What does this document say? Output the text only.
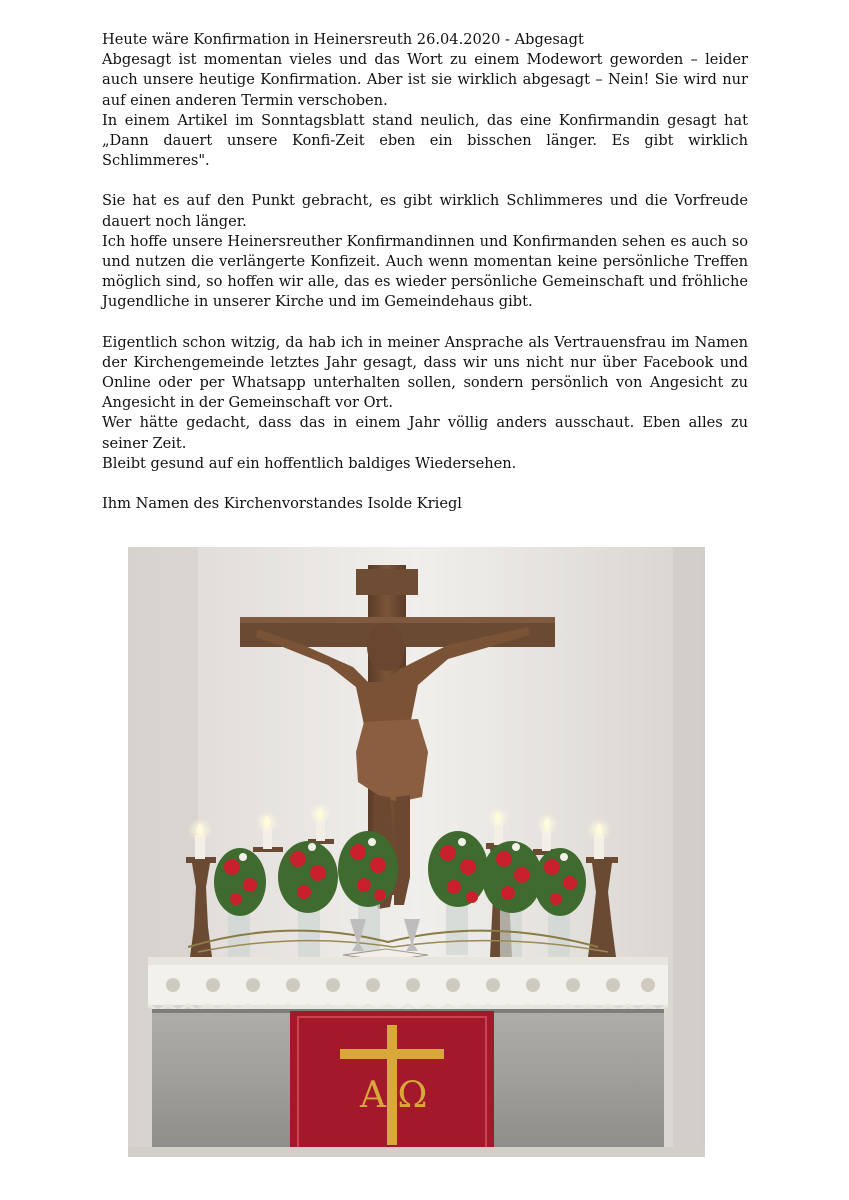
Heute wäre Konfirmation in Heinersreuth 26.04.2020 - Abgesagt

Abgesagt ist momentan vieles und das Wort zu einem Modewort geworden – leider auch unsere heutige Konfirmation. Aber ist sie wirklich abgesagt – Nein! Sie wird nur auf einen anderen Termin verschoben.

In einem Artikel im Sonntagsblatt stand neulich, das eine Konfirmandin gesagt hat „Dann dauert unsere Konfi-Zeit eben ein bisschen länger. Es gibt wirklich Schlimmeres".

Sie hat es auf den Punkt gebracht, es gibt wirklich Schlimmeres und die Vorfreude dauert noch länger.

Ich hoffe unsere Heinersreuther Konfirmandinnen und Konfirmanden sehen es auch so und nutzen die verlängerte Konfizeit. Auch wenn momentan keine persönliche Treffen möglich sind, so hoffen wir alle, das es wieder persönliche Gemeinschaft und fröhliche Jugendliche in unserer Kirche und im Gemeindehaus gibt.

Eigentlich schon witzig, da hab ich in meiner Ansprache als Vertrauensfrau im Namen der Kirchengemeinde letztes Jahr gesagt, dass wir uns nicht nur über Facebook und Online oder per Whatsapp unterhalten sollen, sondern persönlich von Angesicht zu Angesicht in der Gemeinschaft vor Ort.

Wer hätte gedacht, dass das in einem Jahr völlig anders ausschaut. Eben alles zu seiner Zeit.

Bleibt gesund auf ein hoffentlich baldiges Wiedersehen.

Ihm Namen des Kirchenvorstandes Isolde Kriegl

A Ω
